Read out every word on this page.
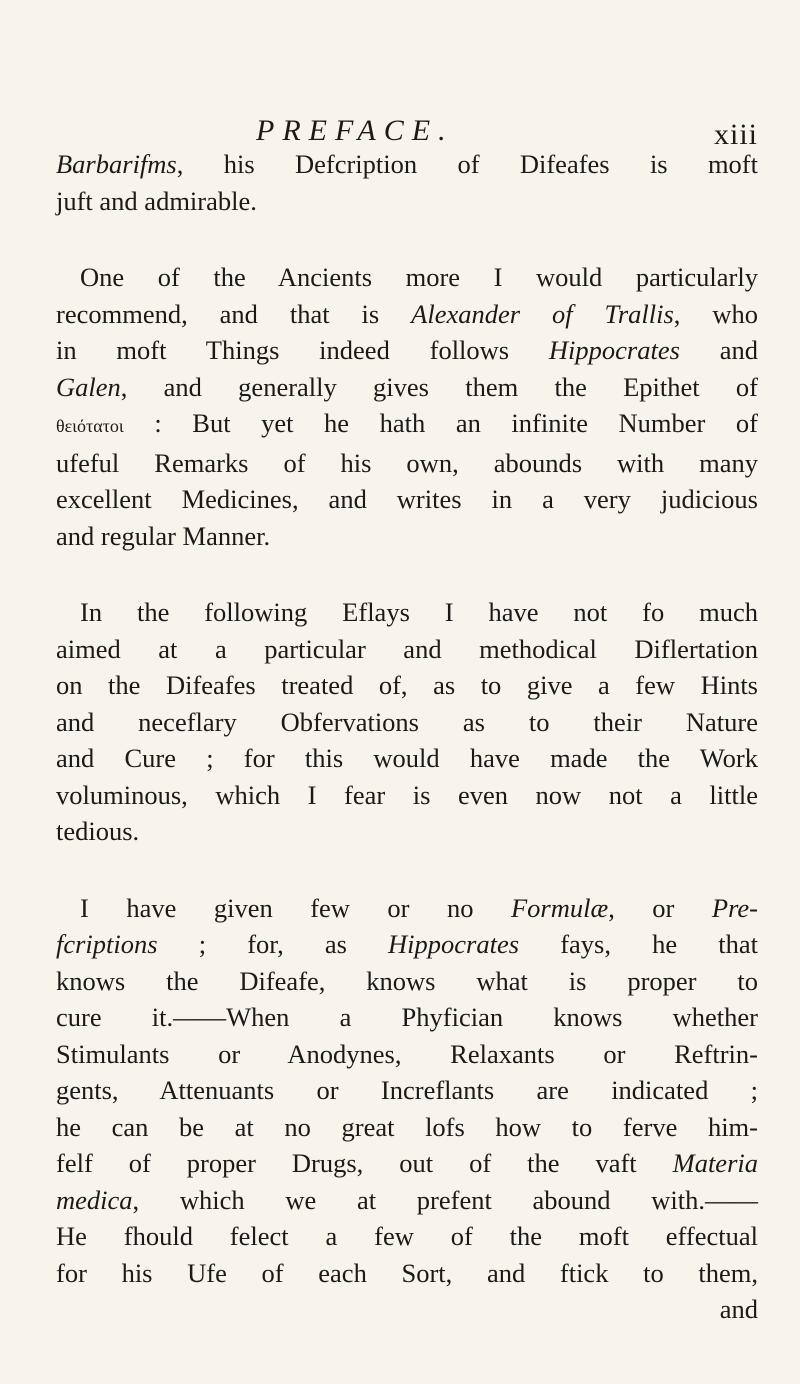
PREFACE.	xiii
Barbarifms, his Defcription of Difeafes is moft
juft and admirable.
One of the Ancients more I would particularly
recommend, and that is Alexander of Trallis, who
in moft Things indeed follows Hippocrates and
Galen, and generally gives them the Epithet of
θειότατοι : But yet he hath an infinite Number of
ufeful Remarks of his own, abounds with many
excellent Medicines, and writes in a very judicious
and regular Manner.
In the following Eflays I have not fo much
aimed at a particular and methodical Diflertation
on the Difeafes treated of, as to give a few Hints
and neceflary Obfervations as to their Nature
and Cure ; for this would have made the Work
voluminous, which I fear is even now not a little
tedious.
I have given few or no Formulæ, or Pre-
fcriptions ; for, as Hippocrates fays, he that
knows the Difeafe, knows what is proper to
cure it.——When a Phyfician knows whether
Stimulants or Anodynes, Relaxants or Reftrin-
gents, Attenuants or Increflants are indicated ;
he can be at no great lofs how to ferve him-
felf of proper Drugs, out of the vaft Materia
medica, which we at prefent abound with.——
He fhould felect a few of the moft effectual
for his Ufe of each Sort, and ftick to them,
and
